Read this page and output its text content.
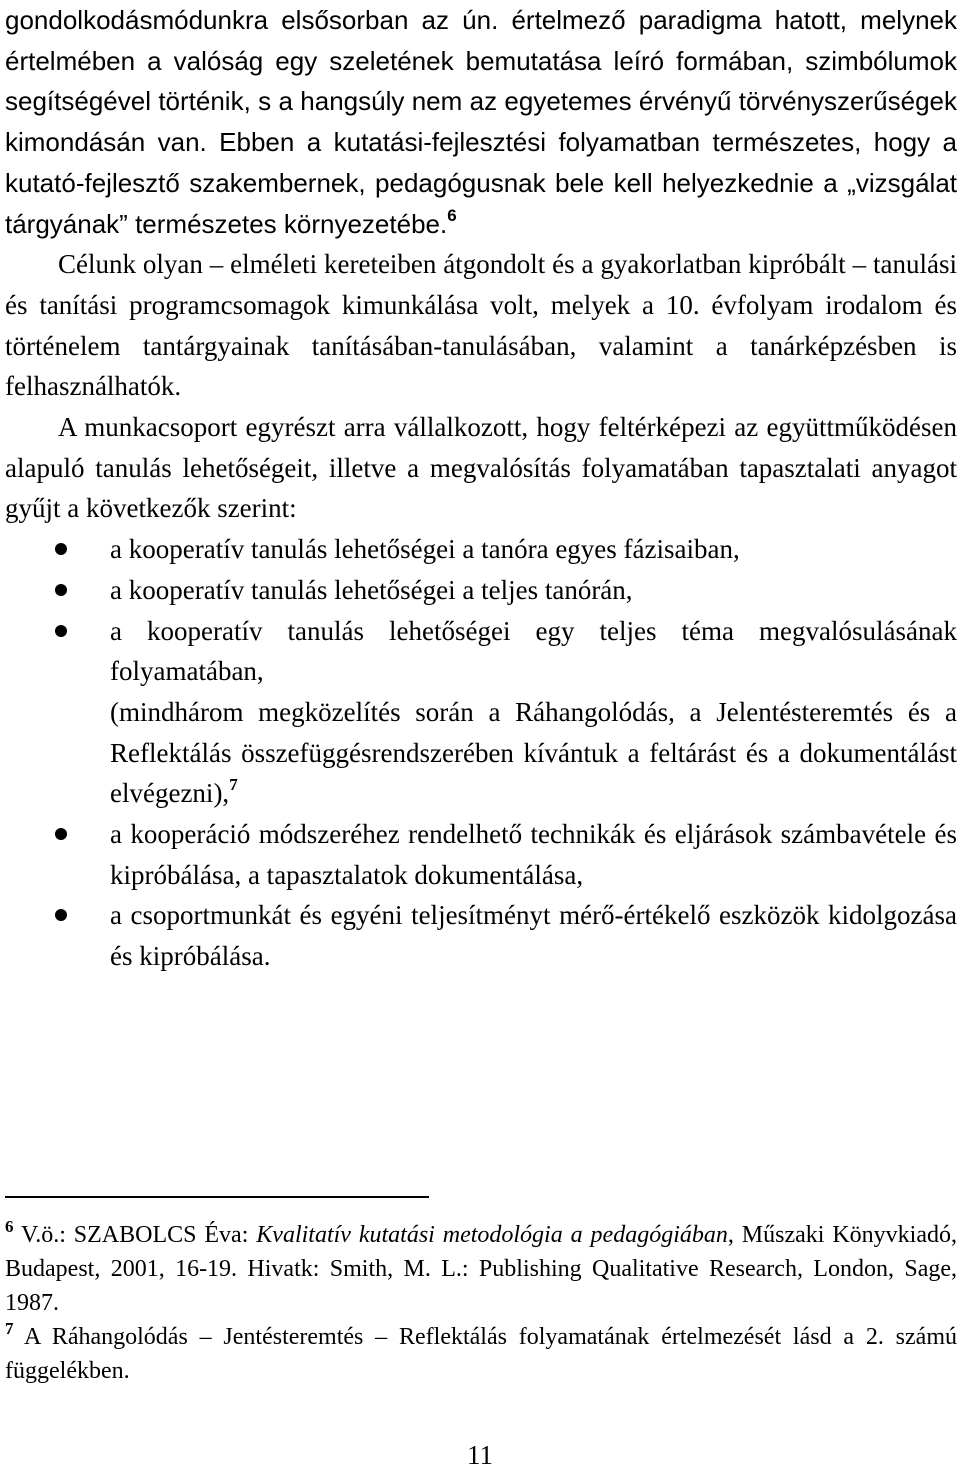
gondolkodásmódunkra elsősorban az ún. értelmező paradigma hatott, melynek értelmében a valóság egy szeletének bemutatása leíró formában, szimbólumok segítségével történik, s a hangsúly nem az egyetemes érvényű törvényszerűségek kimondásán van. Ebben a kutatási-fejlesztési folyamatban természetes, hogy a kutató-fejlesztő szakembernek, pedagógusnak bele kell helyezkednie a „vizsgálat tárgyának” természetes környezetébe.$^6$

Célunk olyan – elméleti kereteiben átgondolt és a gyakorlatban kipróbált – tanulási és tanítási programcsomagok kimunkálása volt, melyek a 10. évfolyam irodalom és történelem tantárgyainak tanításában-tanulásában, valamint a tanárképzésben is felhasználhatók.

A munkacsoport egyrészt arra vállalkozott, hogy feltérképezi az együttműködésen alapuló tanulás lehetőségeit, illetve a megvalósítás folyamatában tapasztalati anyagot gyűjt a következők szerint:

a kooperatív tanulás lehetőségei a tanóra egyes fázisaiban,
a kooperatív tanulás lehetőségei a teljes tanórán,
a kooperatív tanulás lehetőségei egy teljes téma megvalósulásának folyamatában,

(mindhárom megközelítés során a Ráhangolódás, a Jelentésteremtés és a Reflektálás összefüggésrendszerében kívántuk a feltárást és a dokumentálást elvégezni),$^7$

a kooperáció módszeréhez rendelhető technikák és eljárások számbavétele és kipróbálása, a tapasztalatok dokumentálása,
a csoportmunkát és egyéni teljesítményt mérő-értékelő eszközök kidolgozása és kipróbálása.

$^6$ V.ö.: SZABOLCS Éva: Kvalitatív kutatási metodológia a pedagógiában, Műszaki Könyvkiadó, Budapest, 2001, 16-19. Hivatk: Smith, M. L.: Publishing Qualitative Research, London, Sage, 1987.

$^7$ A Ráhangolódás – Jentésteremtés – Reflektálás folyamatának értelmezését lásd a 2. számú függelékben.

11
